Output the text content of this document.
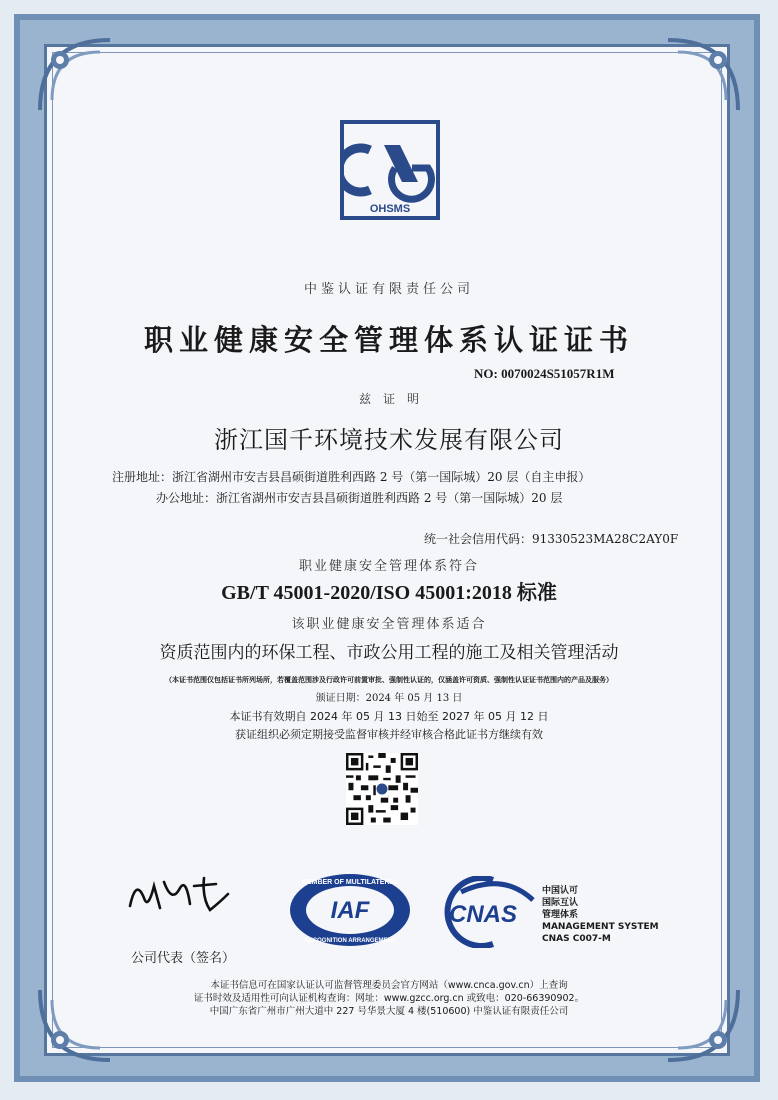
OHSMS
中鉴认证有限责任公司
职业健康安全管理体系认证证书
NO: 0070024S51057R1M
兹　证　明
浙江国千环境技术发展有限公司
注册地址：浙江省湖州市安吉县昌硕街道胜利西路 2 号（第一国际城）20 层（自主申报）
办公地址：浙江省湖州市安吉县昌硕街道胜利西路 2 号（第一国际城）20 层
统一社会信用代码：91330523MA28C2AY0F
职业健康安全管理体系符合
GB/T 45001-2020/ISO 45001:2018 标准
该职业健康安全管理体系适合
资质范围内的环保工程、市政公用工程的施工及相关管理活动
（本证书范围仅包括证书所列场所，若覆盖范围涉及行政许可前置审批、强制性认证的，仅涵盖许可资质、强制性认证证书范围内的产品及服务）
颁证日期：2024 年 05 月 13 日
本证书有效期自 2024 年 05 月 13 日始至 2027 年 05 月 12 日
获证组织必须定期接受监督审核并经审核合格此证书方继续有效
公司代表（签名）
MEMBER OF MULTILATERAL
IAF
RECOGNITION ARRANGEMENT
CNAS
中国认可
国际互认
管理体系
MANAGEMENT SYSTEM
CNAS C007-M
本证书信息可在国家认证认可监督管理委员会官方网站（www.cnca.gov.cn）上查询
证书时效及适用性可向认证机构查询：网址：www.gzcc.org.cn 或致电：020-66390902。
中国广东省广州市广州大道中 227 号华景大厦 4 楼(510600) 中鉴认证有限责任公司
